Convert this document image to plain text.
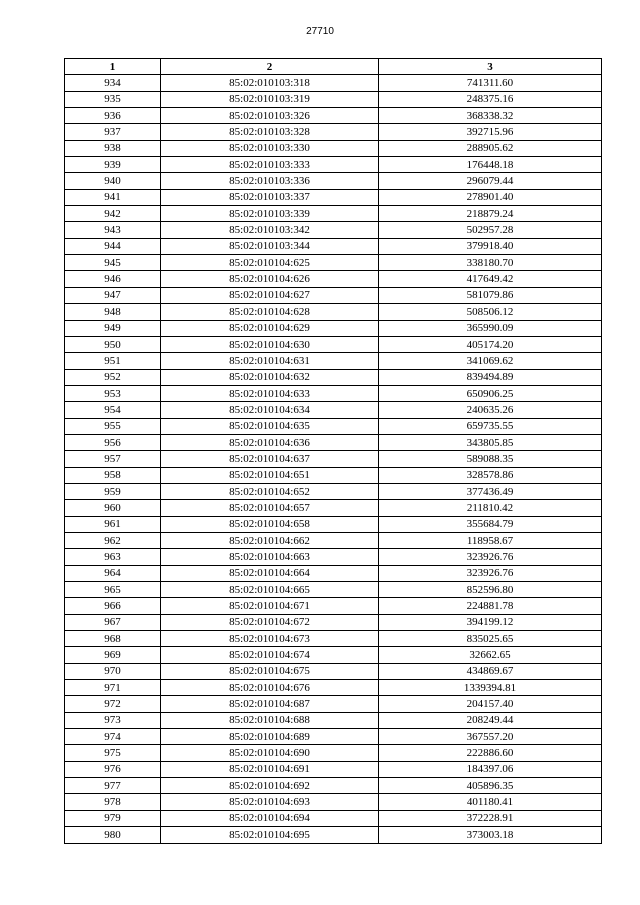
27710
1	2	3
934	85:02:010103:318	741311.60
935	85:02:010103:319	248375.16
936	85:02:010103:326	368338.32
937	85:02:010103:328	392715.96
938	85:02:010103:330	288905.62
939	85:02:010103:333	176448.18
940	85:02:010103:336	296079.44
941	85:02:010103:337	278901.40
942	85:02:010103:339	218879.24
943	85:02:010103:342	502957.28
944	85:02:010103:344	379918.40
945	85:02:010104:625	338180.70
946	85:02:010104:626	417649.42
947	85:02:010104:627	581079.86
948	85:02:010104:628	508506.12
949	85:02:010104:629	365990.09
950	85:02:010104:630	405174.20
951	85:02:010104:631	341069.62
952	85:02:010104:632	839494.89
953	85:02:010104:633	650906.25
954	85:02:010104:634	240635.26
955	85:02:010104:635	659735.55
956	85:02:010104:636	343805.85
957	85:02:010104:637	589088.35
958	85:02:010104:651	328578.86
959	85:02:010104:652	377436.49
960	85:02:010104:657	211810.42
961	85:02:010104:658	355684.79
962	85:02:010104:662	118958.67
963	85:02:010104:663	323926.76
964	85:02:010104:664	323926.76
965	85:02:010104:665	852596.80
966	85:02:010104:671	224881.78
967	85:02:010104:672	394199.12
968	85:02:010104:673	835025.65
969	85:02:010104:674	32662.65
970	85:02:010104:675	434869.67
971	85:02:010104:676	1339394.81
972	85:02:010104:687	204157.40
973	85:02:010104:688	208249.44
974	85:02:010104:689	367557.20
975	85:02:010104:690	222886.60
976	85:02:010104:691	184397.06
977	85:02:010104:692	405896.35
978	85:02:010104:693	401180.41
979	85:02:010104:694	372228.91
980	85:02:010104:695	373003.18
